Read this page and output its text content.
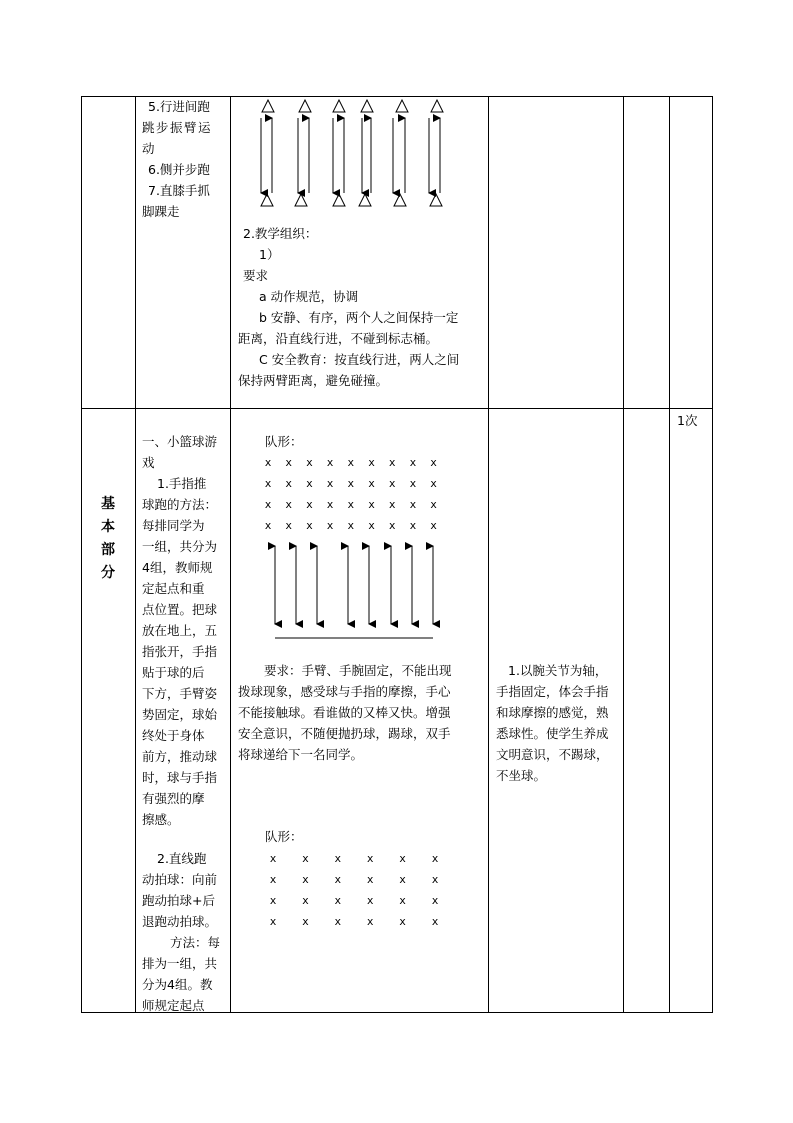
5.行进间跑
跳步振臂运
动
6.侧并步跑
7.直膝手抓
脚踝走
2.教学组织：
1）
要求
a 动作规范，协调
b 安静、有序，两个人之间保持一定
距离，沿直线行进，不碰到标志桶。
C 安全教育：按直线行进，两人之间
保持两臂距离，避免碰撞。
基
本
部
分
1次
一、小篮球游
戏
1.手指推
球跑的方法：
每排同学为
一组，共分为
4组，教师规
定起点和重
点位置。把球
放在地上，五
指张开，手指
贴于球的后
下方，手臂姿
势固定，球始
终处于身体
前方，推动球
时，球与手指
有强烈的摩
擦感。
2.直线跑
动拍球：向前
跑动拍球+后
退跑动拍球。
方法：每
排为一组，共
分为4组。教
师规定起点
队形：
x x x x x x x x x
x x x x x x x x x
x x x x x x x x x
x x x x x x x x x
要求：手臂、手腕固定，不能出现
拨球现象，感受球与手指的摩擦，手心
不能接触球。看谁做的又棒又快。增强
安全意识，不随便抛扔球，踢球，双手
将球递给下一名同学。
队形：
x x x x x x
x x x x x x
x x x x x x
x x x x x x
1.以腕关节为轴，
手指固定，体会手指
和球摩擦的感觉，熟
悉球性。使学生养成
文明意识，不踢球，
不坐球。
